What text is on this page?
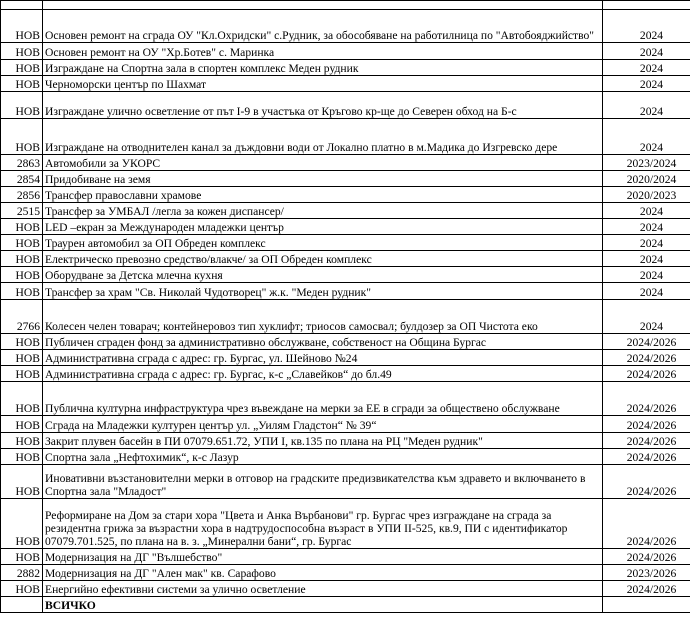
НОВ	Основен ремонт на сграда ОУ "Кл.Охридски" с.Рудник, за обособяване на работилница по "Автобояджийство"	2024
НОВ	Основен ремонт на ОУ "Хр.Ботев" с. Маринка	2024
НОВ	Изграждане на Спортна зала в спортен комплекс Меден рудник	2024
НОВ	Черноморски център по Шахмат	2024
НОВ	Изграждане улично осветление от път I-9 в участъка от Кръгово кр-ще до Северен обход на Б-с	2024
НОВ	Изграждане на отводнителен канал за дъждовни води от Локално платно в м.Мадика до Изгревско дере	2024
2863	Автомобили за УКОРС	2023/2024
2854	Придобиване на земя	2020/2024
2856	Трансфер православни храмове	2020/2023
2515	Трансфер за УМБАЛ /легла за кожен диспансер/	2024
НОВ	LED –екран за Международен младежки център	2024
НОВ	Траурен автомобил за ОП Обреден комплекс	2024
НОВ	Електрическо превозно средство/влакче/ за ОП Обреден комплекс	2024
НОВ	Оборудване за Детска млечна кухня	2024
НОВ	Трансфер за храм "Св. Николай Чудотворец" ж.к. "Меден рудник"	2024
2766	Колесен челен товарач; контейнеровоз тип хуклифт; триосов самосвал; булдозер за ОП Чистота еко	2024
НОВ	Публичен сграден фонд за административно обслужване, собственост на Община Бургас	2024/2026
НОВ	Административна сграда с адрес: гр. Бургас, ул. Шейново №24	2024/2026
НОВ	Административна сграда с адрес: гр. Бургас, к-с „Славейков“ до бл.49	2024/2026
НОВ	Публична културна инфраструктура чрез въвеждане на мерки за ЕЕ в сгради за обществено обслужване	2024/2026
НОВ	Сграда на Младежки културен център ул. „Уилям Гладстон“ № 39“	2024/2026
НОВ	Закрит плувен басейн в ПИ 07079.651.72, УПИ I, кв.135 по плана на РЦ "Меден рудник"	2024/2026
НОВ	Спортна зала „Нефтохимик“, к-с Лазур	2024/2026
НОВ	Иновативни възстановителни мерки в отговор на градските предизвикателства към здравето и включването в Спортна зала "Младост"	2024/2026
НОВ	Реформиране на Дом за стари хора "Цвета и Анка Върбанови" гр. Бургас чрез изграждане на сграда за резидентна грижа за възрастни хора в надтрудоспособна възраст в УПИ II-525, кв.9, ПИ с идентификатор 07079.701.525, по плана на в. з. „Минерални бани“, гр. Бургас	2024/2026
НОВ	Модернизация на ДГ "Вълшебство"	2024/2026
2882	Модернизация на ДГ "Ален мак" кв. Сарафово	2023/2026
НОВ	Енергийно ефективни системи за улично осветление	2024/2026
	ВСИЧКО	
